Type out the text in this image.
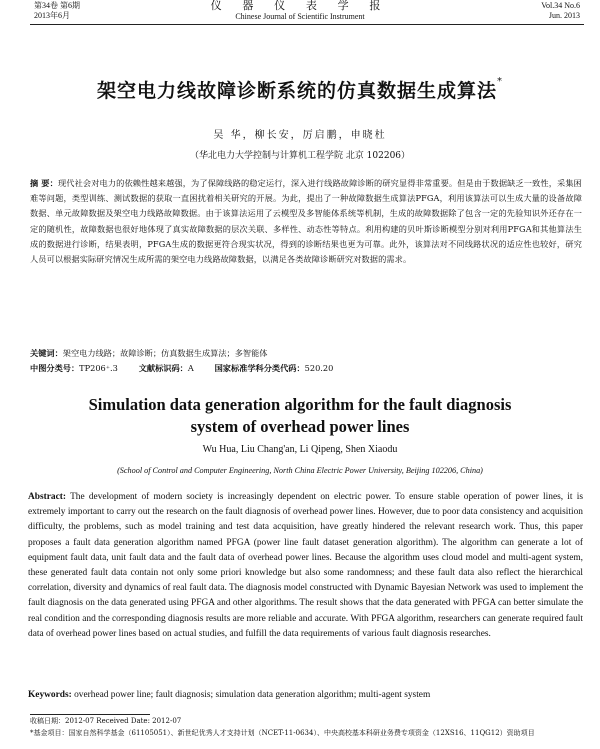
第34卷 第6期
2013年6月
仪 器 仪 表 学 报
Chinese Journal of Scientific Instrument
Vol.34 No.6
Jun. 2013
架空电力线故障诊断系统的仿真数据生成算法*
吴 华，柳长安，厉启鹏，申晓杜
（华北电力大学控制与计算机工程学院 北京 102206）
摘 要：现代社会对电力的依赖性越来越强，为了保障线路的稳定运行，深入进行线路故障诊断的研究显得非常重要。但是由于数据缺乏一致性，采集困难等问题，类型训练、测试数据的获取一直困扰着相关研究的开展。为此，提出了一种故障数据生成算法PFGA，利用该算法可以生成大量的设备故障数据、单元故障数据及架空电力线路故障数据。由于该算法运用了云模型及多智能体系统等机制，生成的故障数据除了包含一定的先验知识外还存在一定的随机性，故障数据也很好地体现了真实故障数据的层次关联、多样性、动态性等特点。利用构建的贝叶斯诊断模型分别对利用PFGA和其他算法生成的数据进行诊断，结果表明，PFGA生成的数据更符合现实状况，得到的诊断结果也更为可靠。此外，该算法对不同线路状况的适应性也较好，研究人员可以根据实际研究情况生成所需的架空电力线路故障数据，以满足各类故障诊断研究对数据的需求。
关键词：架空电力线路；故障诊断；仿真数据生成算法；多智能体
中图分类号：TP206⁺.3	文献标识码：A	国家标准学科分类代码：520.20
Simulation data generation algorithm for the fault diagnosis
system of overhead power lines
Wu Hua, Liu Chang'an, Li Qipeng, Shen Xiaodu
(School of Control and Computer Engineering, North China Electric Power University, Beijing 102206, China)
Abstract: The development of modern society is increasingly dependent on electric power. To ensure stable operation of power lines, it is extremely important to carry out the research on the fault diagnosis of overhead power lines. However, due to poor data consistency and acquisition difficulty, the problems, such as model training and test data acquisition, have greatly hindered the relevant research work. Thus, this paper proposes a fault data generation algorithm named PFGA (power line fault dataset generation algorithm). The algorithm can generate a lot of equipment fault data, unit fault data and the fault data of overhead power lines. Because the algorithm uses cloud model and multi-agent system, these generated fault data contain not only some priori knowledge but also some randomness; and these fault data also reflect the hierarchical correlation, diversity and dynamics of real fault data. The diagnosis model constructed with Dynamic Bayesian Network was used to implement the fault diagnosis on the data generated using PFGA and other algorithms. The result shows that the data generated with PFGA can better simulate the real condition and the corresponding diagnosis results are more reliable and accurate. With PFGA algorithm, researchers can generate required fault data of overhead power lines based on actual studies, and fulfill the data requirements of various fault diagnosis researches.
Keywords: overhead power line; fault diagnosis; simulation data generation algorithm; multi-agent system
收稿日期：2012-07 Received Date: 2012-07
*基金项目：国家自然科学基金（61105051）、新世纪优秀人才支持计划（NCET-11-0634）、中央高校基本科研业务费专项资金（12XS16、11QG12）资助项目
